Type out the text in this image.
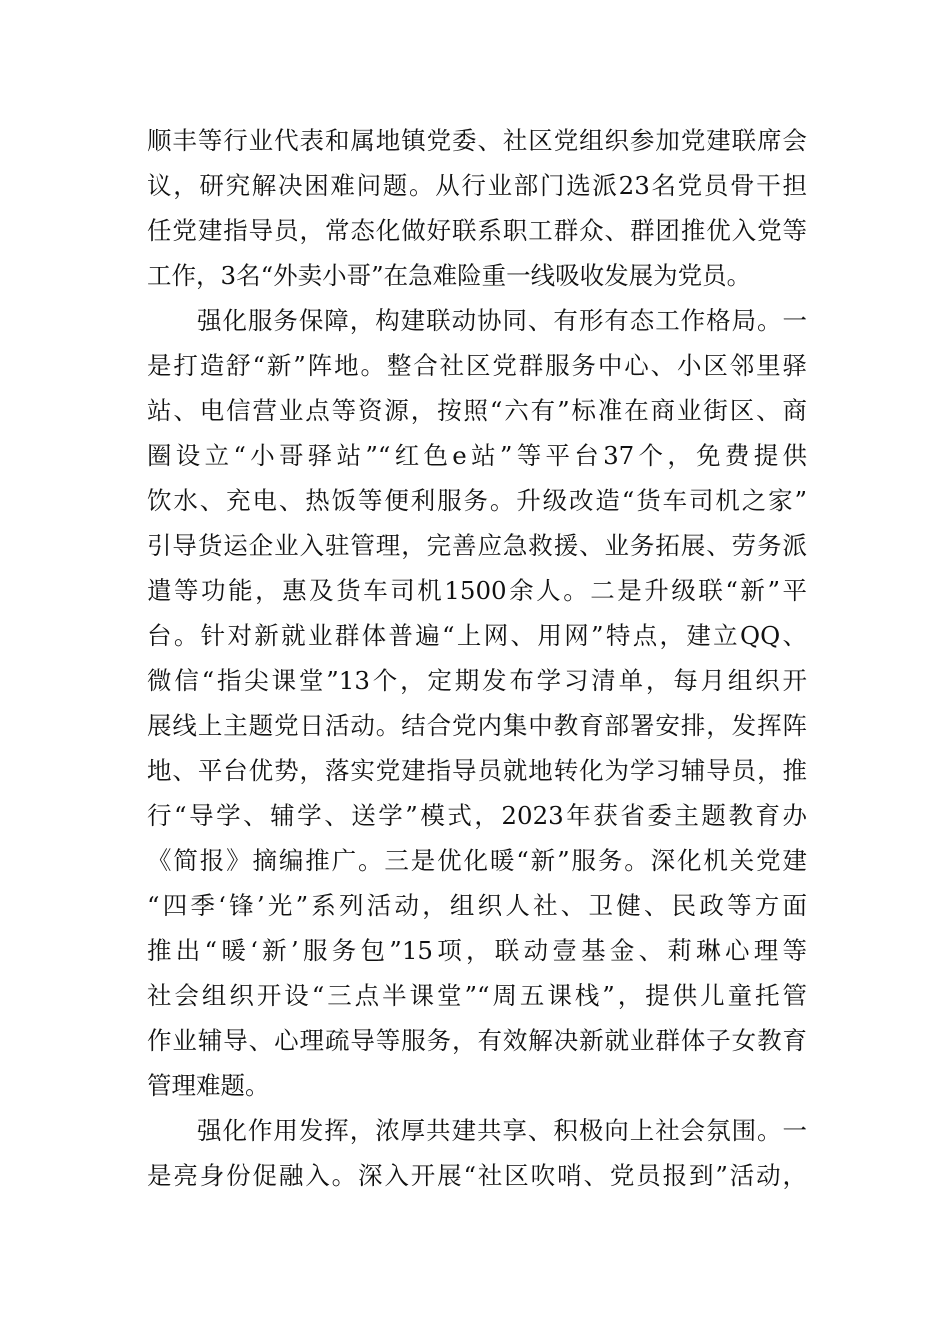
顺丰等行业代表和属地镇党委、社区党组织参加党建联席会
议，研究解决困难问题。从行业部门选派23名党员骨干担
任党建指导员，常态化做好联系职工群众、群团推优入党等
工作，3名“外卖小哥”在急难险重一线吸收发展为党员。
强化服务保障，构建联动协同、有形有态工作格局。一
是打造舒“新”阵地。整合社区党群服务中心、小区邻里驿
站、电信营业点等资源，按照“六有”标准在商业街区、商
圈设立“小哥驿站”“红色e站”等平台37个，免费提供
饮水、充电、热饭等便利服务。升级改造“货车司机之家”
引导货运企业入驻管理，完善应急救援、业务拓展、劳务派
遣等功能，惠及货车司机1500余人。二是升级联“新”平
台。针对新就业群体普遍“上网、用网”特点，建立QQ、
微信“指尖课堂”13个，定期发布学习清单，每月组织开
展线上主题党日活动。结合党内集中教育部署安排，发挥阵
地、平台优势，落实党建指导员就地转化为学习辅导员，推
行“导学、辅学、送学”模式，2023年获省委主题教育办
《简报》摘编推广。三是优化暖“新”服务。深化机关党建
“四季‘锋’光”系列活动，组织人社、卫健、民政等方面
推出“暖‘新’服务包”15项，联动壹基金、莉琳心理等
社会组织开设“三点半课堂”“周五课栈”，提供儿童托管
作业辅导、心理疏导等服务，有效解决新就业群体子女教育
管理难题。
强化作用发挥，浓厚共建共享、积极向上社会氛围。一
是亮身份促融入。深入开展“社区吹哨、党员报到”活动，
